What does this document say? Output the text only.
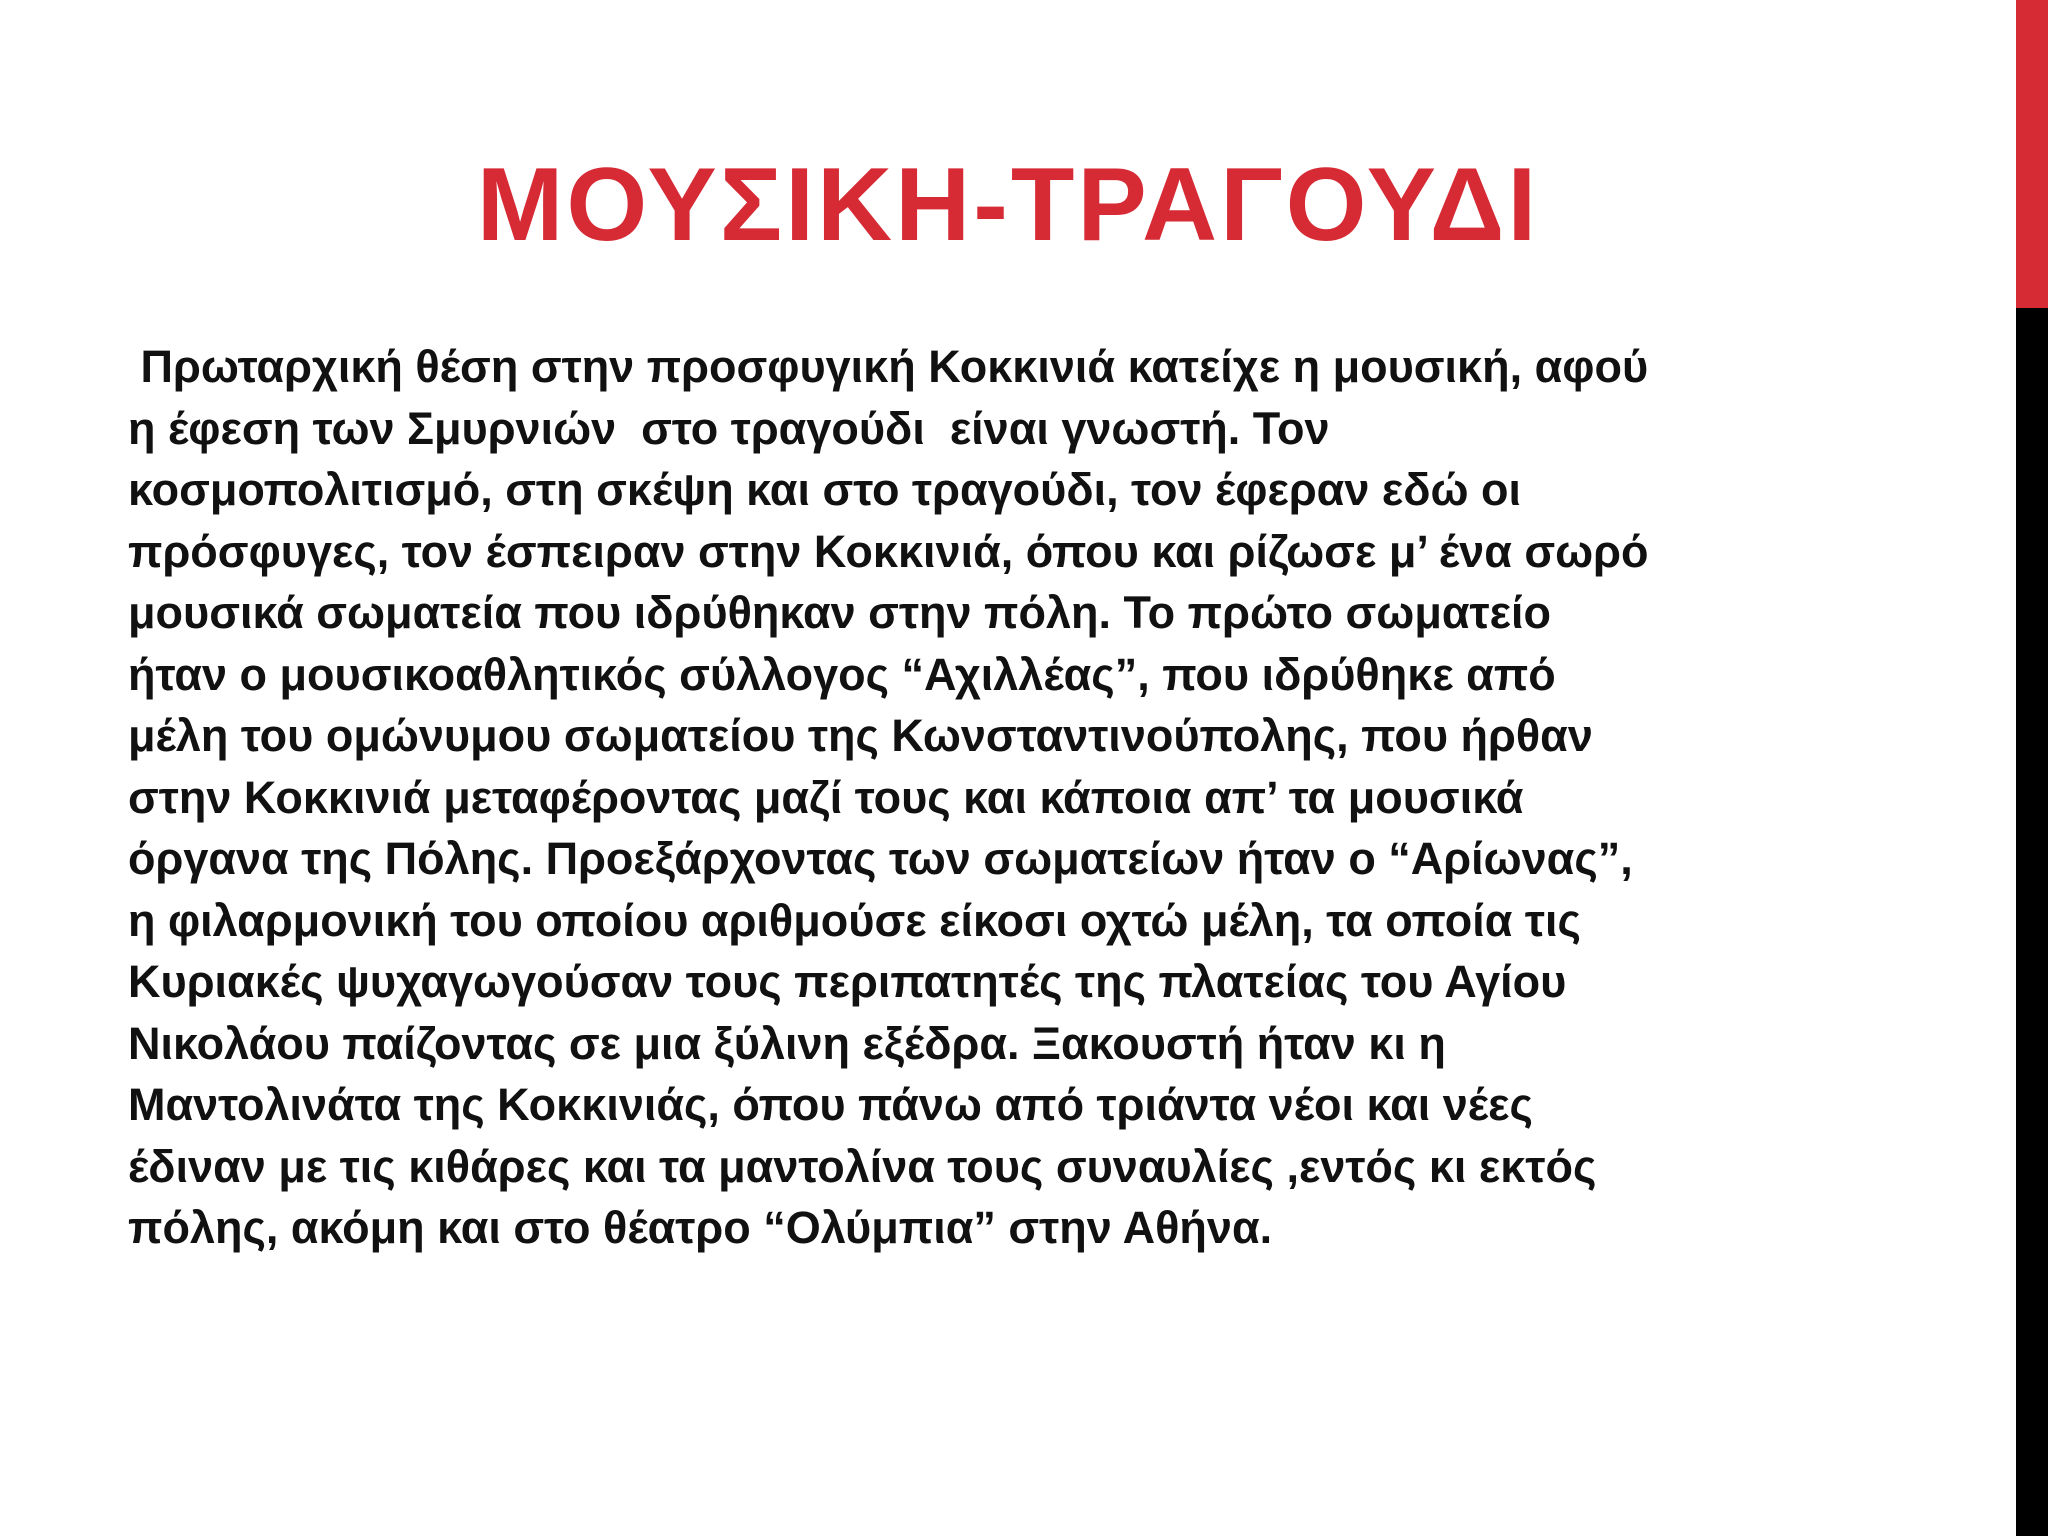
ΜΟΥΣΙΚΗ-ΤΡΑΓΟΥΔΙ
Πρωταρχική θέση στην προσφυγική Κοκκινιά κατείχε η μουσική, αφού
η έφεση των Σμυρνιών  στο τραγούδι  είναι γνωστή. Τον
κοσμοπολιτισμό, στη σκέψη και στο τραγούδι, τον έφεραν εδώ οι
πρόσφυγες, τον έσπειραν στην Κοκκινιά, όπου και ρίζωσε μ’ ένα σωρό
μουσικά σωματεία που ιδρύθηκαν στην πόλη. Το πρώτο σωματείο
ήταν ο μουσικοαθλητικός σύλλογος “Αχιλλέας”, που ιδρύθηκε από
μέλη του ομώνυμου σωματείου της Κωνσταντινούπολης, που ήρθαν
στην Κοκκινιά μεταφέροντας μαζί τους και κάποια απ’ τα μουσικά
όργανα της Πόλης. Προεξάρχοντας των σωματείων ήταν ο “Αρίωνας”,
η φιλαρμονική του οποίου αριθμούσε είκοσι οχτώ μέλη, τα οποία τις
Κυριακές ψυχαγωγούσαν τους περιπατητές της πλατείας του Αγίου
Νικολάου παίζοντας σε μια ξύλινη εξέδρα. Ξακουστή ήταν κι η
Μαντολινάτα της Κοκκινιάς, όπου πάνω από τριάντα νέοι και νέες
έδιναν με τις κιθάρες και τα μαντολίνα τους συναυλίες ,εντός κι εκτός
πόλης, ακόμη και στο θέατρο “Ολύμπια” στην Αθήνα.
